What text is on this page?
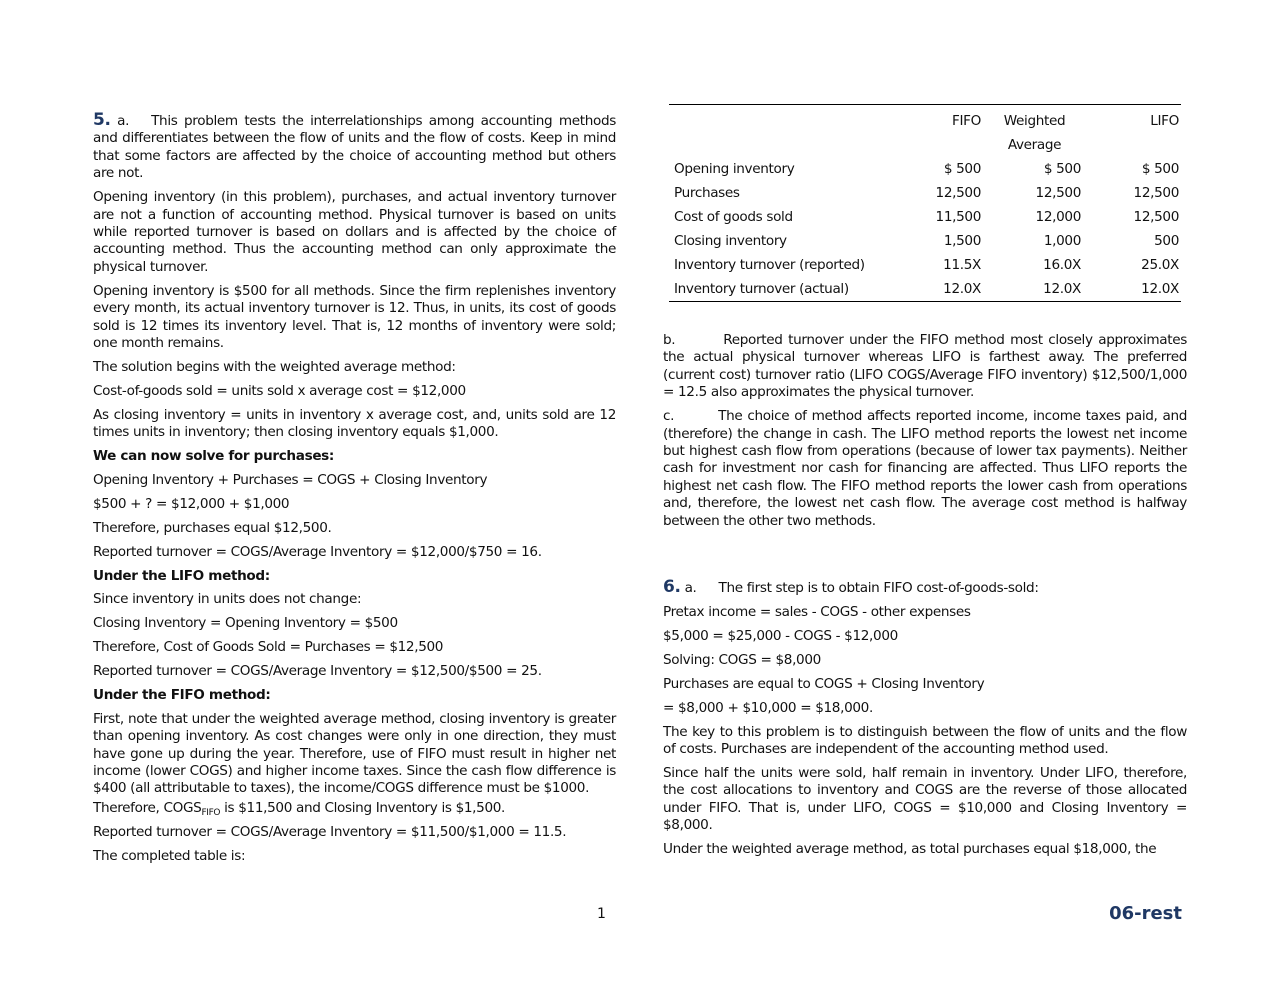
5. a. This problem tests the interrelationships among accounting methods and differentiates between the flow of units and the flow of costs. Keep in mind that some factors are affected by the choice of accounting method but others are not.

Opening inventory (in this problem), purchases, and actual inventory turnover are not a function of accounting method. Physical turnover is based on units while reported turnover is based on dollars and is affected by the choice of accounting method. Thus the accounting method can only approximate the physical turnover.

Opening inventory is $500 for all methods. Since the firm replenishes inventory every month, its actual inventory turnover is 12. Thus, in units, its cost of goods sold is 12 times its inventory level. That is, 12 months of inventory were sold; one month remains.

The solution begins with the weighted average method:

Cost-of-goods sold = units sold x average cost = $12,000

As closing inventory = units in inventory x average cost, and, units sold are 12 times units in inventory; then closing inventory equals $1,000.

We can now solve for purchases:

Opening Inventory + Purchases = COGS + Closing Inventory

$500 + ? = $12,000 + $1,000

Therefore, purchases equal $12,500.

Reported turnover = COGS/Average Inventory = $12,000/$750 = 16.

Under the LIFO method:

Since inventory in units does not change:

Closing Inventory = Opening Inventory = $500

Therefore, Cost of Goods Sold = Purchases = $12,500

Reported turnover = COGS/Average Inventory = $12,500/$500 = 25.

Under the FIFO method:

First, note that under the weighted average method, closing inventory is greater than opening inventory. As cost changes were only in one direction, they must have gone up during the year. Therefore, use of FIFO must result in higher net income (lower COGS) and higher income taxes. Since the cash flow difference is $400 (all attributable to taxes), the income/COGS difference must be $1000.

Therefore, $COGS_{FIFO}$ is $11,500 and Closing Inventory is $1,500.

Reported turnover = COGS/Average Inventory = $11,500/$1,000 = 11.5.

The completed table is:

	FIFO	Weighted	LIFO
		Average	
Opening inventory	$ 500	$ 500	$ 500
Purchases	12,500	12,500	12,500
Cost of goods sold	11,500	12,000	12,500
Closing inventory	1,500	1,000	500
Inventory turnover (reported)	11.5X	16.0X	25.0X
Inventory turnover (actual)	12.0X	12.0X	12.0X

b.	Reported turnover under the FIFO method most closely approximates the actual physical turnover whereas LIFO is farthest away. The preferred (current cost) turnover ratio (LIFO COGS/Average FIFO inventory) $12,500/1,000 = 12.5 also approximates the physical turnover.

c.	The choice of method affects reported income, income taxes paid, and (therefore) the change in cash. The LIFO method reports the lowest net income but highest cash flow from operations (because of lower tax payments). Neither cash for investment nor cash for financing are affected. Thus LIFO reports the highest net cash flow. The FIFO method reports the lower cash from operations and, therefore, the lowest net cash flow. The average cost method is halfway between the other two methods.

6. a. The first step is to obtain FIFO cost-of-goods-sold:

Pretax income = sales - COGS - other expenses

$5,000 = $25,000 - COGS - $12,000

Solving: COGS = $8,000

Purchases are equal to COGS + Closing Inventory

= $8,000 + $10,000 = $18,000.

The key to this problem is to distinguish between the flow of units and the flow of costs. Purchases are independent of the accounting method used.

Since half the units were sold, half remain in inventory. Under LIFO, therefore, the cost allocations to inventory and COGS are the reverse of those allocated under FIFO. That is, under LIFO, COGS = $10,000 and Closing Inventory = $8,000.

Under the weighted average method, as total purchases equal $18,000, the

1	06-rest
